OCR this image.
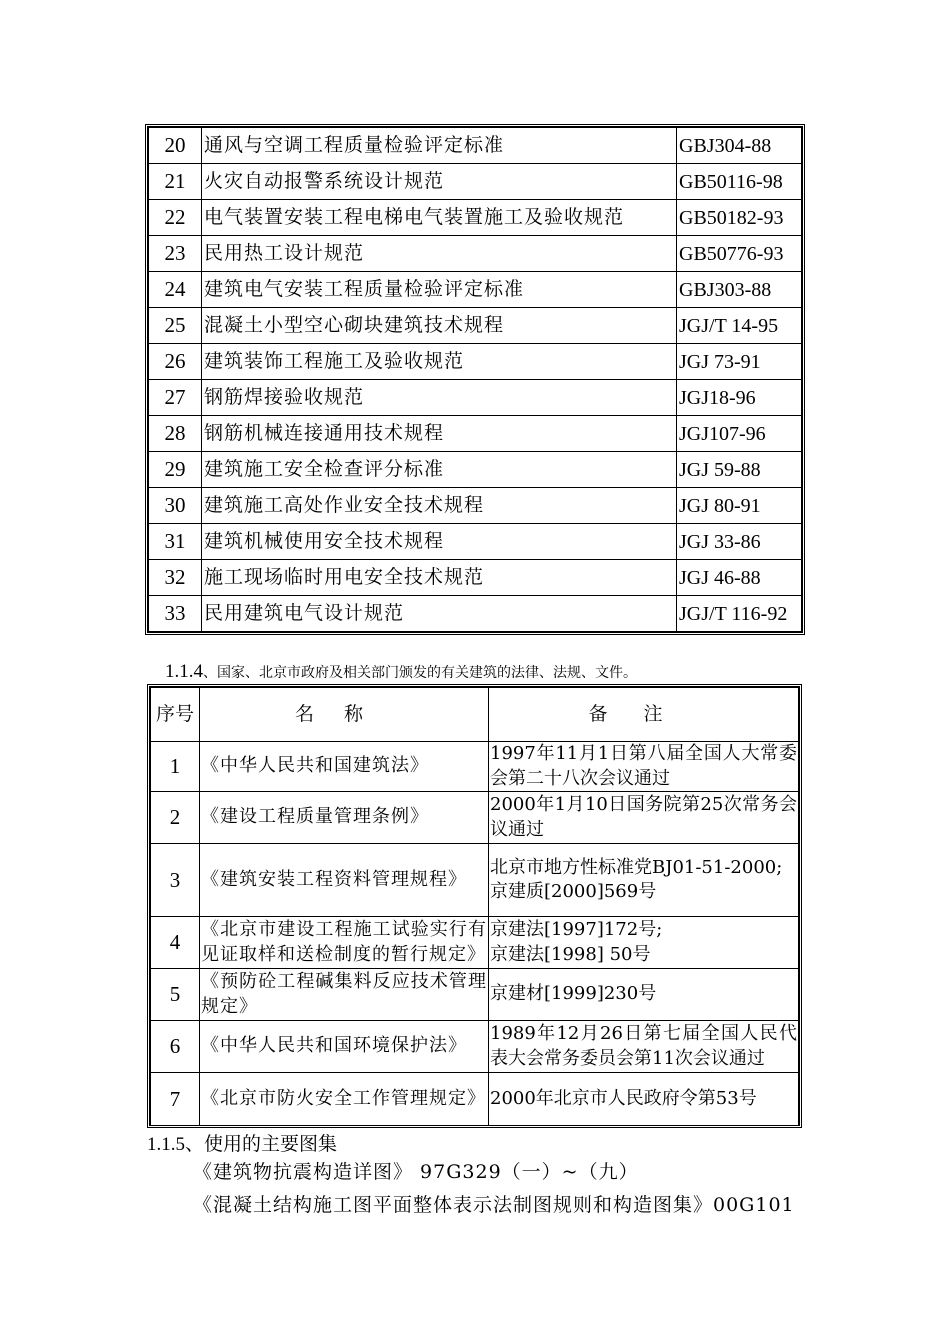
20	通风与空调工程质量检验评定标准	GBJ304-88
21	火灾自动报警系统设计规范	GB50116-98
22	电气装置安装工程电梯电气装置施工及验收规范	GB50182-93
23	民用热工设计规范	GB50776-93
24	建筑电气安装工程质量检验评定标准	GBJ303-88
25	混凝土小型空心砌块建筑技术规程	JGJ/T 14-95
26	建筑装饰工程施工及验收规范	JGJ 73-91
27	钢筋焊接验收规范	JGJ18-96
28	钢筋机械连接通用技术规程	JGJ107-96
29	建筑施工安全检查评分标准	JGJ 59-88
30	建筑施工高处作业安全技术规程	JGJ 80-91
31	建筑机械使用安全技术规程	JGJ 33-86
32	施工现场临时用电安全技术规范	JGJ 46-88
33	民用建筑电气设计规范	JGJ/T 116-92
1.1.4、国家、北京市政府及相关部门颁发的有关建筑的法律、法规、文件。
序号	名称	备注
1	《中华人民共和国建筑法》	1997年11月1日第八届全国人大常委会第二十八次会议通过

2	《建设工程质量管理条例》	2000年1月10日国务院第25次常务会议通过

3	《建筑安装工程资料管理规程》	北京市地方性标准党BJ01-51-2000;
京建质[2000]569号

4	《北京市建设工程施工试验实行有见证取样和送检制度的暂行规定》	京建法[1997]172号;
京建法[1998] 50号

5	《预防砼工程碱集料反应技术管理规定》	京建材[1999]230号

6	《中华人民共和国环境保护法》	1989年12月26日第七届全国人民代表大会常务委员会第11次会议通过

7	《北京市防火安全工作管理规定》	2000年北京市人民政府令第53号
1.1.5、使用的主要图集
《建筑物抗震构造详图》 97G329（一）~（九）
《混凝土结构施工图平面整体表示法制图规则和构造图集》00G101
